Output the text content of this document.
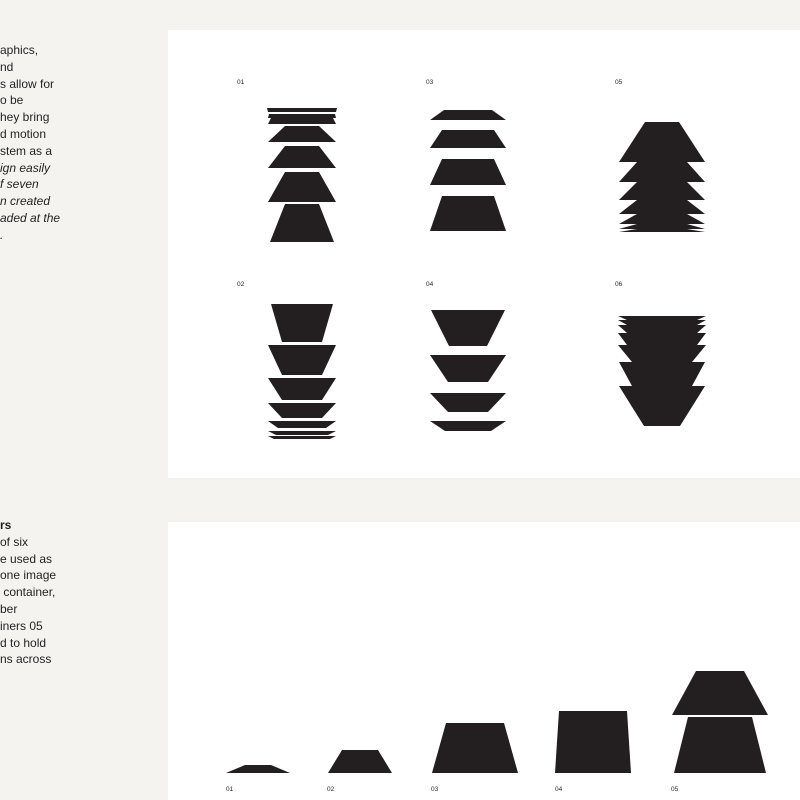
aphics,

nd

s allow for

o be

hey bring

d motion

stem as a

ign easily

f seven

n created

aded at the

.

rs

of six

e used as

one image

container,

ber

iners 05

d to hold

ns across

01
02
03
04
05
06
01	02	03	04	05
